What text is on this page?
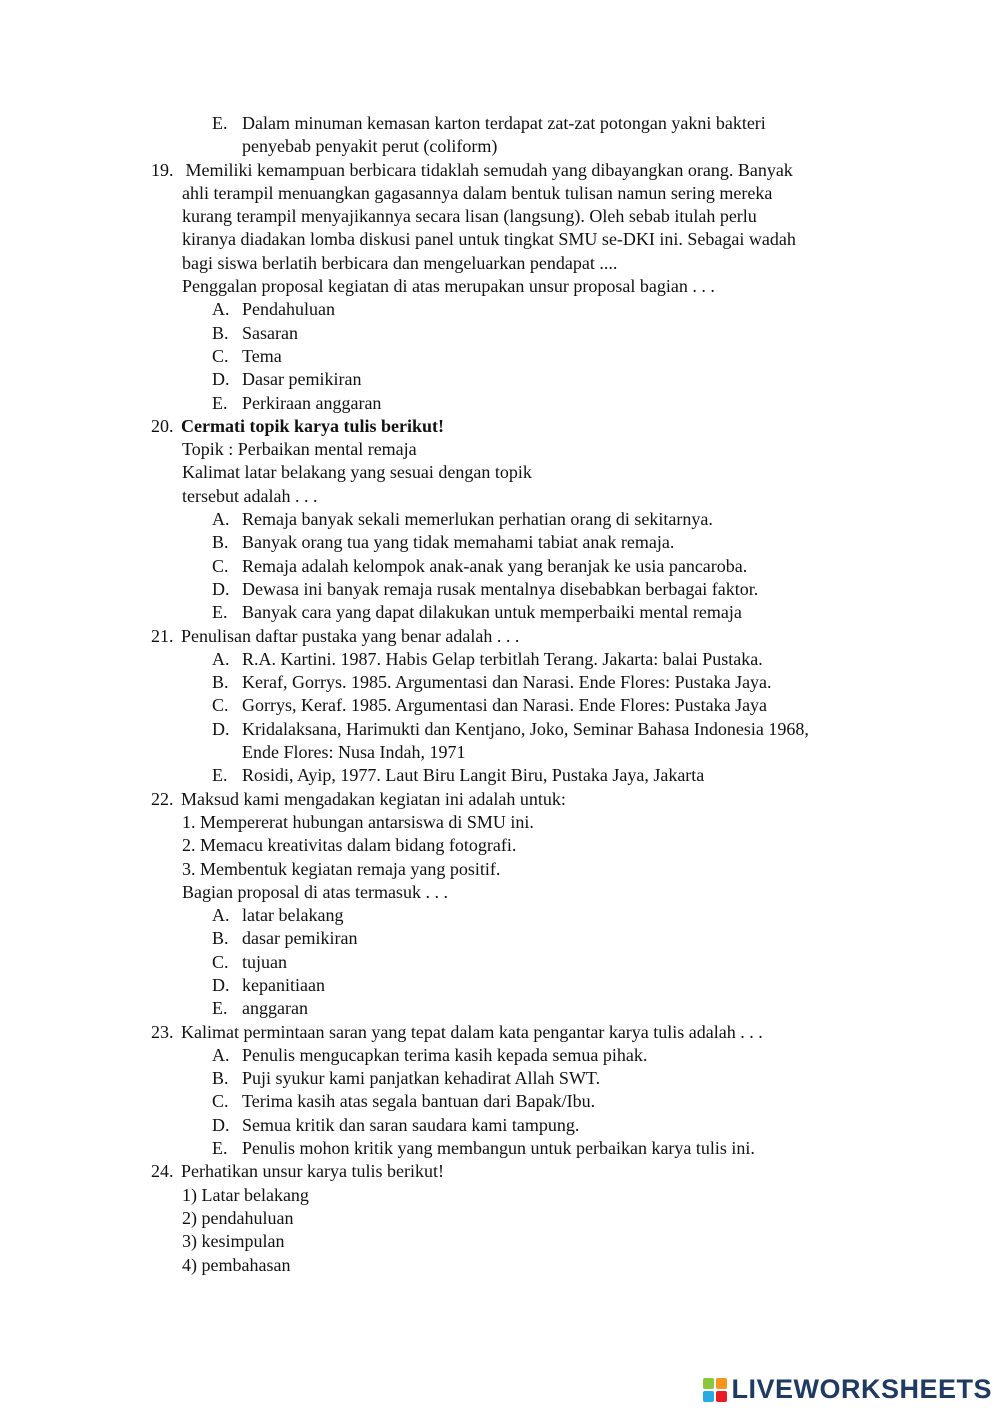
E. Dalam minuman kemasan karton terdapat zat-zat potongan yakni bakteri

penyebab penyakit perut (coliform)
19. Memiliki kemampuan berbicara tidaklah semudah yang dibayangkan orang. Banyak

ahli terampil menuangkan gagasannya dalam bentuk tulisan namun sering mereka
kurang terampil menyajikannya secara lisan (langsung). Oleh sebab itulah perlu
kiranya diadakan lomba diskusi panel untuk tingkat SMU se-DKI ini. Sebagai wadah
bagi siswa berlatih berbicara dan mengeluarkan pendapat ....
Penggalan proposal kegiatan di atas merupakan unsur proposal bagian . . .
A. Pendahuluan

B. Sasaran

C. Tema

D. Dasar pemikiran

E. Perkiraan anggaran

20. Cermati topik karya tulis berikut!

Topik : Perbaikan mental remaja
Kalimat latar belakang yang sesuai dengan topik
tersebut adalah . . .
A. Remaja banyak sekali memerlukan perhatian orang di sekitarnya.

B. Banyak orang tua yang tidak memahami tabiat anak remaja.

C. Remaja adalah kelompok anak-anak yang beranjak ke usia pancaroba.

D. Dewasa ini banyak remaja rusak mentalnya disebabkan berbagai faktor.

E. Banyak cara yang dapat dilakukan untuk memperbaiki mental remaja

21. Penulisan daftar pustaka yang benar adalah . . .

A. R.A. Kartini. 1987. Habis Gelap terbitlah Terang. Jakarta: balai Pustaka.

B. Keraf, Gorrys. 1985. Argumentasi dan Narasi. Ende Flores: Pustaka Jaya.

C. Gorrys, Keraf. 1985. Argumentasi dan Narasi. Ende Flores: Pustaka Jaya

D. Kridalaksana, Harimukti dan Kentjano, Joko, Seminar Bahasa Indonesia 1968,

Ende Flores: Nusa Indah, 1971
E. Rosidi, Ayip, 1977. Laut Biru Langit Biru, Pustaka Jaya, Jakarta

22. Maksud kami mengadakan kegiatan ini adalah untuk:

1. Mempererat hubungan antarsiswa di SMU ini.
2. Memacu kreativitas dalam bidang fotografi.
3. Membentuk kegiatan remaja yang positif.
Bagian proposal di atas termasuk . . .
A. latar belakang

B. dasar pemikiran

C. tujuan

D. kepanitiaan

E. anggaran

23. Kalimat permintaan saran yang tepat dalam kata pengantar karya tulis adalah . . .

A. Penulis mengucapkan terima kasih kepada semua pihak.

B. Puji syukur kami panjatkan kehadirat Allah SWT.

C. Terima kasih atas segala bantuan dari Bapak/Ibu.

D. Semua kritik dan saran saudara kami tampung.

E. Penulis mohon kritik yang membangun untuk perbaikan karya tulis ini.

24. Perhatikan unsur karya tulis berikut!

1) Latar belakang
2) pendahuluan
3) kesimpulan
4) pembahasan
LIVEWORKSHEETS
